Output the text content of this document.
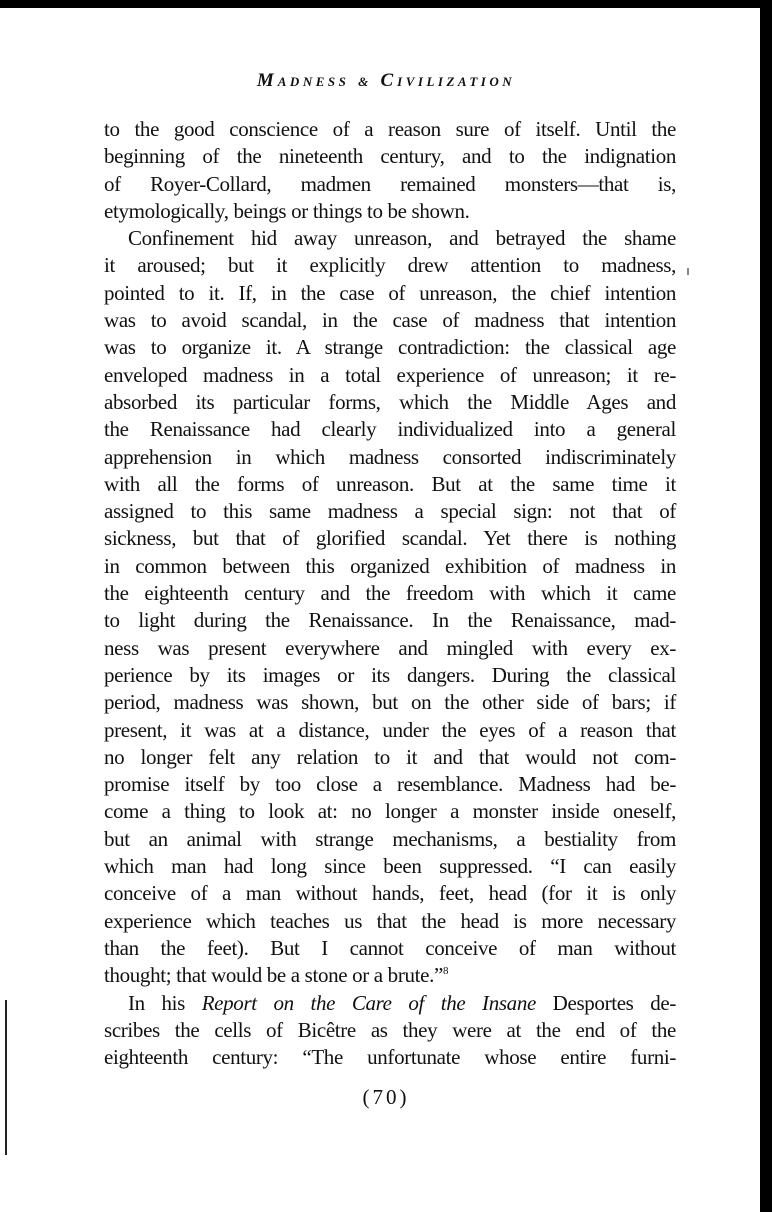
MADNESS & CIVILIZATION
to the good conscience of a reason sure of itself. Until the
beginning of the nineteenth century, and to the indignation
of Royer-Collard, madmen remained monsters—that is,
etymologically, beings or things to be shown.
Confinement hid away unreason, and betrayed the shame
it aroused; but it explicitly drew attention to madness,
pointed to it. If, in the case of unreason, the chief intention
was to avoid scandal, in the case of madness that intention
was to organize it. A strange contradiction: the classical age
enveloped madness in a total experience of unreason; it re-
absorbed its particular forms, which the Middle Ages and
the Renaissance had clearly individualized into a general
apprehension in which madness consorted indiscriminately
with all the forms of unreason. But at the same time it
assigned to this same madness a special sign: not that of
sickness, but that of glorified scandal. Yet there is nothing
in common between this organized exhibition of madness in
the eighteenth century and the freedom with which it came
to light during the Renaissance. In the Renaissance, mad-
ness was present everywhere and mingled with every ex-
perience by its images or its dangers. During the classical
period, madness was shown, but on the other side of bars; if
present, it was at a distance, under the eyes of a reason that
no longer felt any relation to it and that would not com-
promise itself by too close a resemblance. Madness had be-
come a thing to look at: no longer a monster inside oneself,
but an animal with strange mechanisms, a bestiality from
which man had long since been suppressed. “I can easily
conceive of a man without hands, feet, head (for it is only
experience which teaches us that the head is more necessary
than the feet). But I cannot conceive of man without
thought; that would be a stone or a brute.”$^8$
In his Report on the Care of the Insane Desportes de-
scribes the cells of Bicêtre as they were at the end of the
eighteenth century: “The unfortunate whose entire furni-
(70)
